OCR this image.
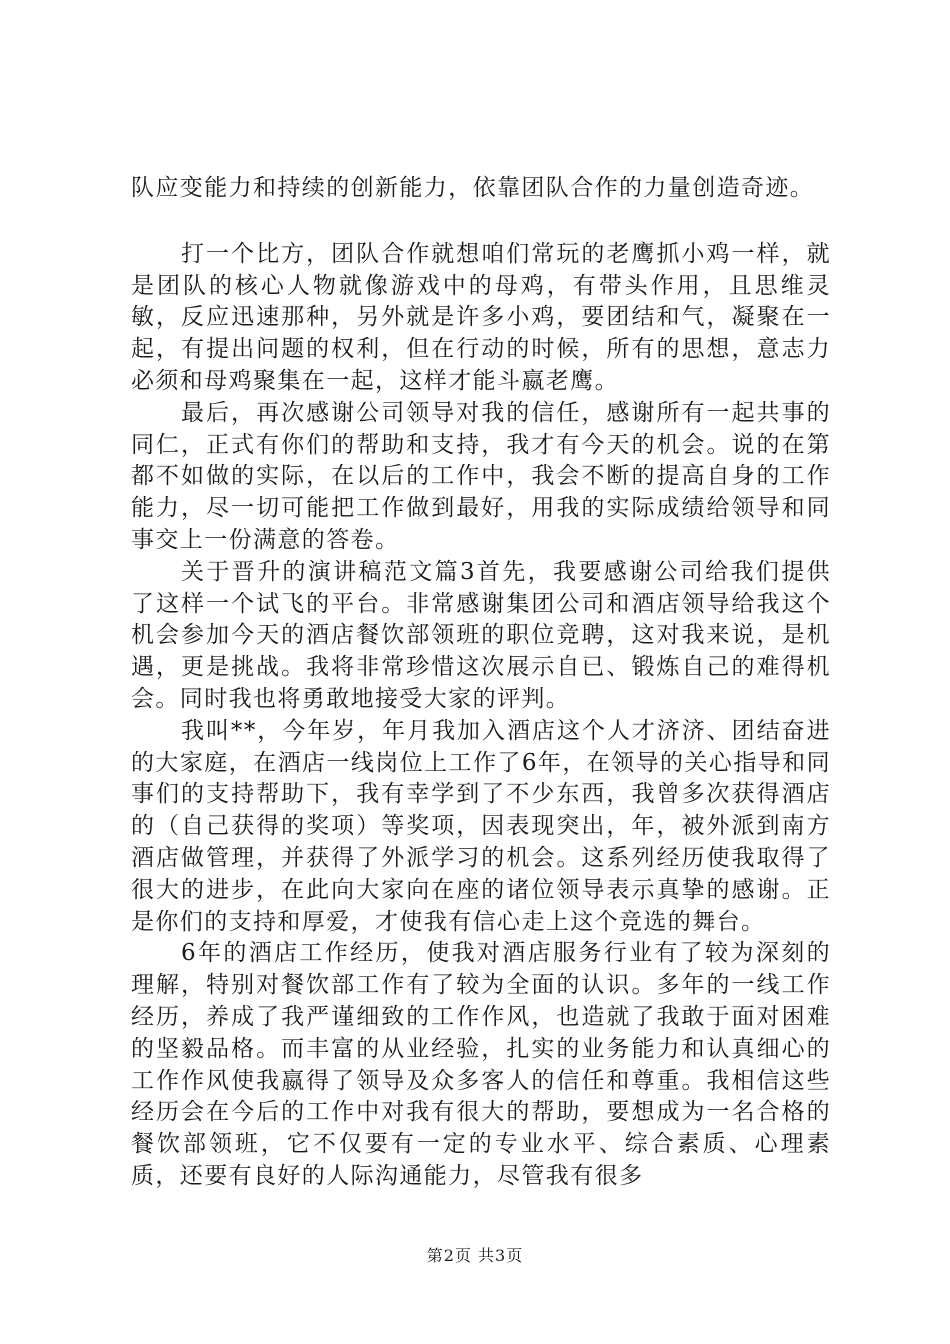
队应变能力和持续的创新能力，依靠团队合作的力量创造奇迹。

打一个比方，团队合作就想咱们常玩的老鹰抓小鸡一样，就是团队的核心人物就像游戏中的母鸡，有带头作用，且思维灵敏，反应迅速那种，另外就是许多小鸡，要团结和气，凝聚在一起，有提出问题的权利，但在行动的时候，所有的思想，意志力必须和母鸡聚集在一起，这样才能斗嬴老鹰。

最后，再次感谢公司领导对我的信任，感谢所有一起共事的同仁，正式有你们的帮助和支持，我才有今天的机会。说的在第都不如做的实际，在以后的工作中，我会不断的提高自身的工作能力，尽一切可能把工作做到最好，用我的实际成绩给领导和同事交上一份满意的答卷。

关于晋升的演讲稿范文篇3首先，我要感谢公司给我们提供了这样一个试飞的平台。非常感谢集团公司和酒店领导给我这个机会参加今天的酒店餐饮部领班的职位竞聘，这对我来说，是机遇，更是挑战。我将非常珍惜这次展示自已、锻炼自己的难得机会。同时我也将勇敢地接受大家的评判。

我叫**，今年岁，年月我加入酒店这个人才济济、团结奋进的大家庭，在酒店一线岗位上工作了6年，在领导的关心指导和同事们的支持帮助下，我有幸学到了不少东西，我曾多次获得酒店的（自己获得的奖项）等奖项，因表现突出，年，被外派到南方酒店做管理，并获得了外派学习的机会。这系列经历使我取得了很大的进步，在此向大家向在座的诸位领导表示真挚的感谢。正是你们的支持和厚爱，才使我有信心走上这个竞选的舞台。

6年的酒店工作经历，使我对酒店服务行业有了较为深刻的理解，特别对餐饮部工作有了较为全面的认识。多年的一线工作经历，养成了我严谨细致的工作作风，也造就了我敢于面对困难的坚毅品格。而丰富的从业经验，扎实的业务能力和认真细心的工作作风使我嬴得了领导及众多客人的信任和尊重。我相信这些经历会在今后的工作中对我有很大的帮助，要想成为一名合格的餐饮部领班，它不仅要有一定的专业水平、综合素质、心理素质，还要有良好的人际沟通能力，尽管我有很多

第2页 共3页
